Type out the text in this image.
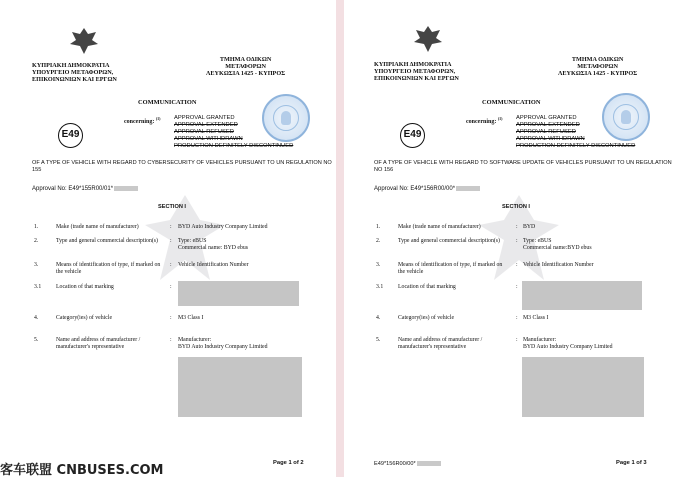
ΚΥΠΡΙΑΚΗ ΔΗΜΟΚΡΑΤΙΑ
ΥΠΟΥΡΓΕΙΟ ΜΕΤΑΦΟΡΩΝ,
ΕΠΙΚΟΙΝΩΝΙΩΝ ΚΑΙ ΕΡΓΩΝ
ΤΜΗΜΑ ΟΔΙΚΩΝ
ΜΕΤΑΦΟΡΩΝ
ΛΕΥΚΩΣΙΑ 1425 - ΚΥΠΡΟΣ
COMMUNICATION
concerning: $^{(1)}$ APPROVAL GRANTED
APPROVAL EXTENDED
APPROVAL REFUSED
APPROVAL WITHDRAWN
PRODUCTION DEFINITELY DISCONTINUED
E49
OF A TYPE OF VEHICLE WITH REGARD TO CYBERSECURITY OF VEHICLES PURSUANT TO UN REGULATION NO
155
Approval No: E49*155R00/01*
SECTION I
1.	Make (trade name of manufacturer)	: BYD Auto Industry Company Limited
2.	Type and general commercial description(s)	: Type: eBUS
Commercial name: BYD ebus
3.	Means of identification of type, if marked on the vehicle
: Vehicle Identification Number
3.1	Location of that marking	:
4.	Category(ies) of vehicle	: M3 Class I
5.	Name and address of manufacturer / manufacturer's representative
: Manufacturer:
BYD Auto Industry Company Limited
Page 1 of 2
ΚΥΠΡΙΑΚΗ ΔΗΜΟΚΡΑΤΙΑ
ΥΠΟΥΡΓΕΙΟ ΜΕΤΑΦΟΡΩΝ,
ΕΠΙΚΟΙΝΩΝΙΩΝ ΚΑΙ ΕΡΓΩΝ
ΤΜΗΜΑ ΟΔΙΚΩΝ
ΜΕΤΑΦΟΡΩΝ
ΛΕΥΚΩΣΙΑ 1425 - ΚΥΠΡΟΣ
COMMUNICATION
concerning: $^{(1)}$ APPROVAL GRANTED
APPROVAL EXTENDED
APPROVAL REFUSED
APPROVAL WITHDRAWN
PRODUCTION DEFINITELY DISCONTINUED
E49
OF A TYPE OF VEHICLE WITH REGARD TO SOFTWARE UPDATE OF VEHICLES PURSUANT TO UN REGULATION
NO 156
Approval No: E49*156R00/00*
SECTION I
1.	Make (trade name of manufacturer)	: BYD
2.	Type and general commercial description(s)	: Type: eBUS
Commercial name:BYD ebus
3.	Means of identification of type, if marked on the vehicle
: Vehicle Identification Number
3.1	Location of that marking	:
4.	Category(ies) of vehicle	: M3 Class I
5.	Name and address of manufacturer / manufacturer's representative
: Manufacturer:
BYD Auto Industry Company Limited
E49*156R00/00*	Page 1 of 3
客车联盟 CNBUSES.COM
